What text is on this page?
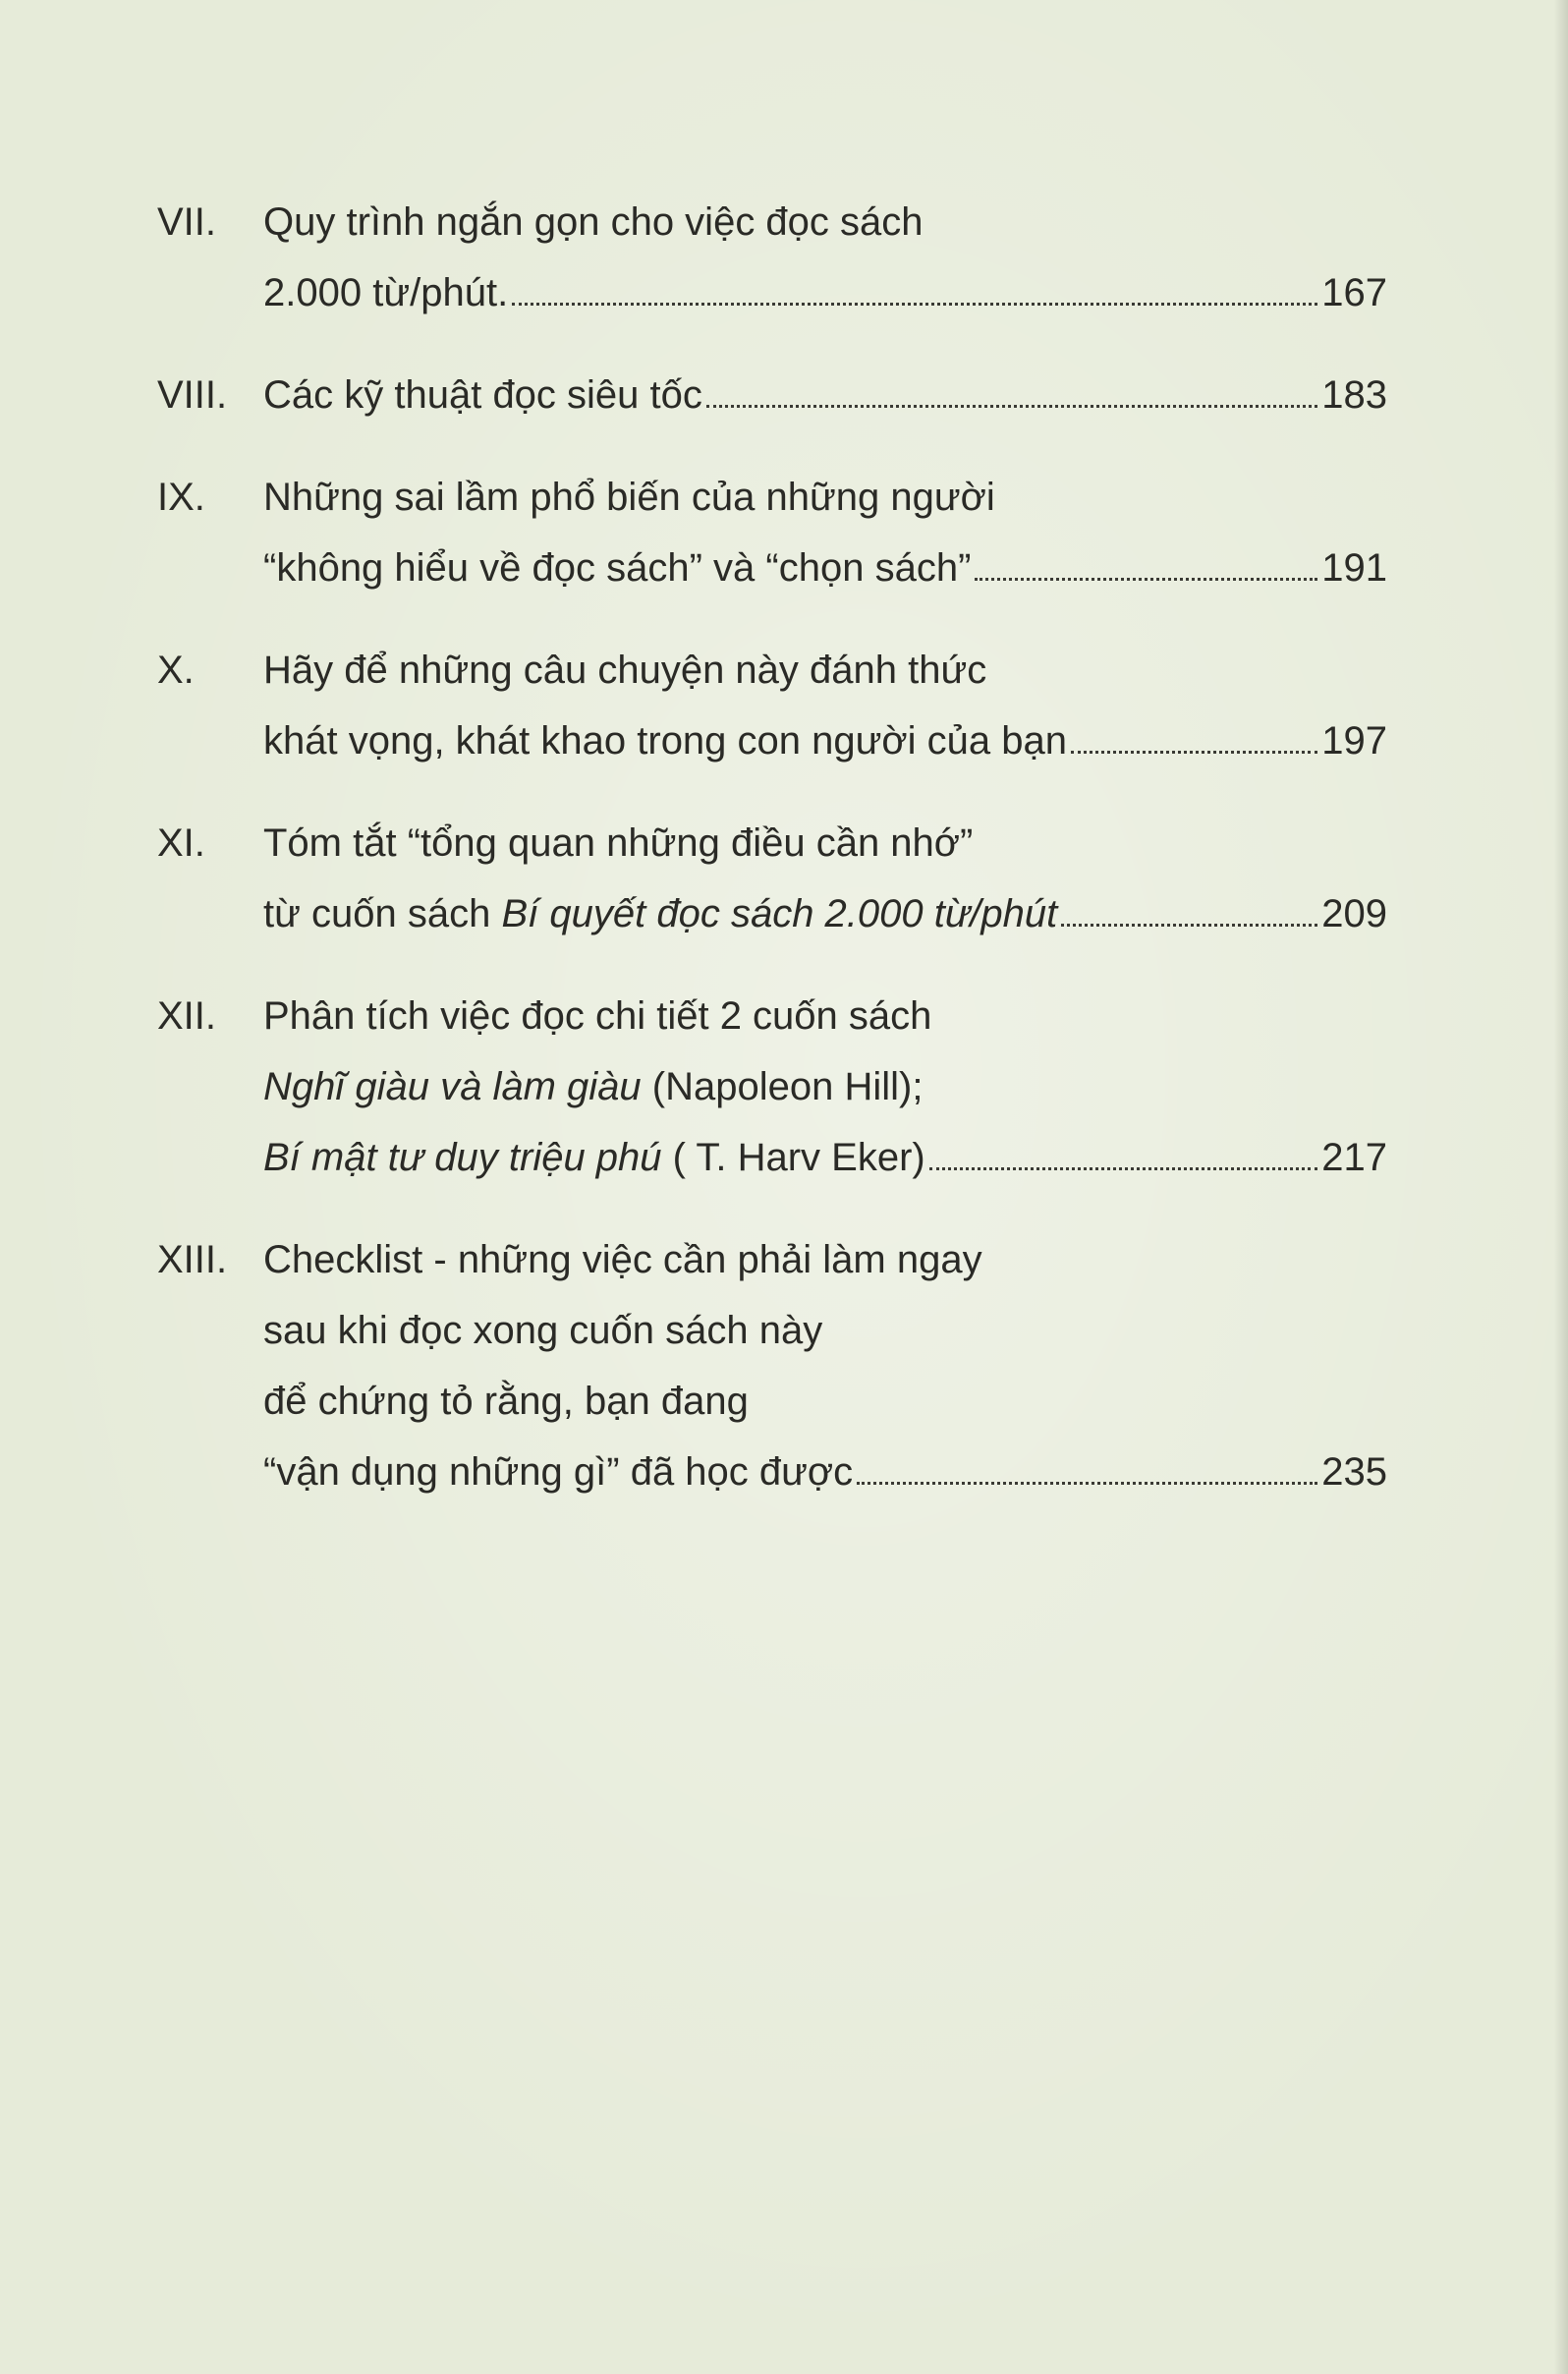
VII. Quy trình ngắn gọn cho việc đọc sách
2.000 từ/phút.	167
VIII. Các kỹ thuật đọc siêu tốc	183
IX. Những sai lầm phổ biến của những người
“không hiểu về đọc sách” và “chọn sách”	191
X. Hãy để những câu chuyện này đánh thức
khát vọng, khát khao trong con người của bạn	197
XI. Tóm tắt “tổng quan những điều cần nhớ”
từ cuốn sách Bí quyết đọc sách 2.000 từ/phút	209
XII. Phân tích việc đọc chi tiết 2 cuốn sách
Nghĩ giàu và làm giàu (Napoleon Hill);
Bí mật tư duy triệu phú ( T. Harv Eker)	217
XIII. Checklist - những việc cần phải làm ngay
sau khi đọc xong cuốn sách này
để chứng tỏ rằng, bạn đang
“vận dụng những gì” đã học được	235
